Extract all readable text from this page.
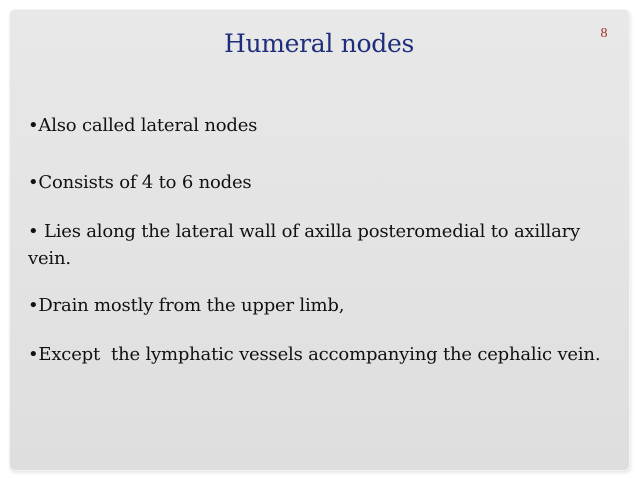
Humeral nodes	8
•Also called lateral nodes
•Consists of 4 to 6 nodes
• Lies along the lateral wall of axilla posteromedial to axillary vein.
•Drain mostly from the upper limb,
•Except  the lymphatic vessels accompanying the cephalic vein.
